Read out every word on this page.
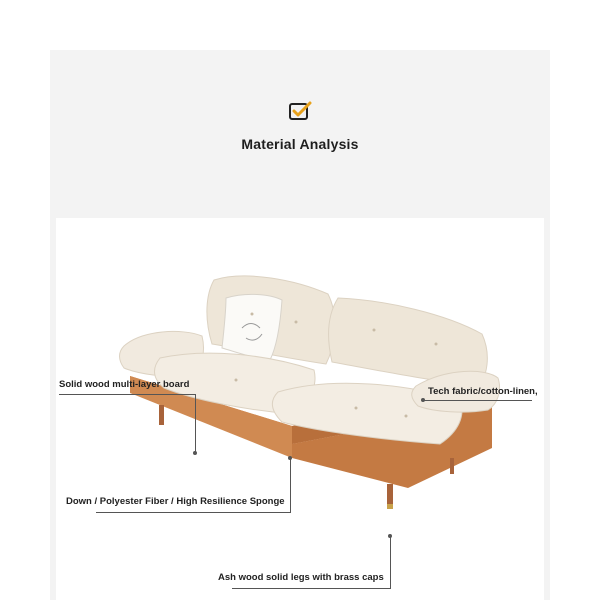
Material Analysis
Solid wood multi-layer board
Tech fabric/cotton-linen,
Down / Polyester Fiber / High Resilience Sponge
Ash wood solid legs with brass caps
